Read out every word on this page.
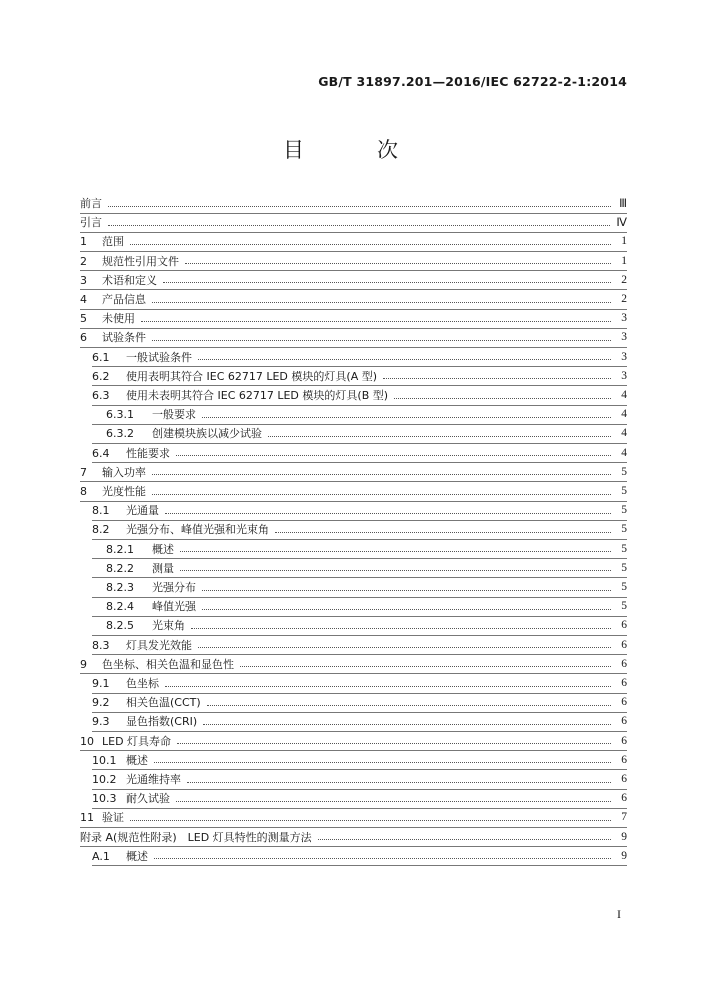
GB/T 31897.201—2016/IEC 62722-2-1:2014
目　次
前言	Ⅲ
引言	Ⅳ
1 范围	1
2 规范性引用文件	1
3 术语和定义	2
4 产品信息	2
5 未使用	3
6 试验条件	3
6.1 一般试验条件	3
6.2 使用表明其符合 IEC 62717 LED 模块的灯具(A 型)	3
6.3 使用未表明其符合 IEC 62717 LED 模块的灯具(B 型)	4
6.3.1 一般要求	4
6.3.2 创建模块族以减少试验	4
6.4 性能要求	4
7 输入功率	5
8 光度性能	5
8.1 光通量	5
8.2 光强分布、峰值光强和光束角	5
8.2.1 概述	5
8.2.2 测量	5
8.2.3 光强分布	5
8.2.4 峰值光强	5
8.2.5 光束角	6
8.3 灯具发光效能	6
9 色坐标、相关色温和显色性	6
9.1 色坐标	6
9.2 相关色温(CCT)	6
9.3 显色指数(CRI)	6
10 LED 灯具寿命	6
10.1 概述	6
10.2 光通维持率	6
10.3 耐久试验	6
11 验证	7
附录 A(规范性附录)　LED 灯具特性的测量方法	9
A.1 概述	9
I
